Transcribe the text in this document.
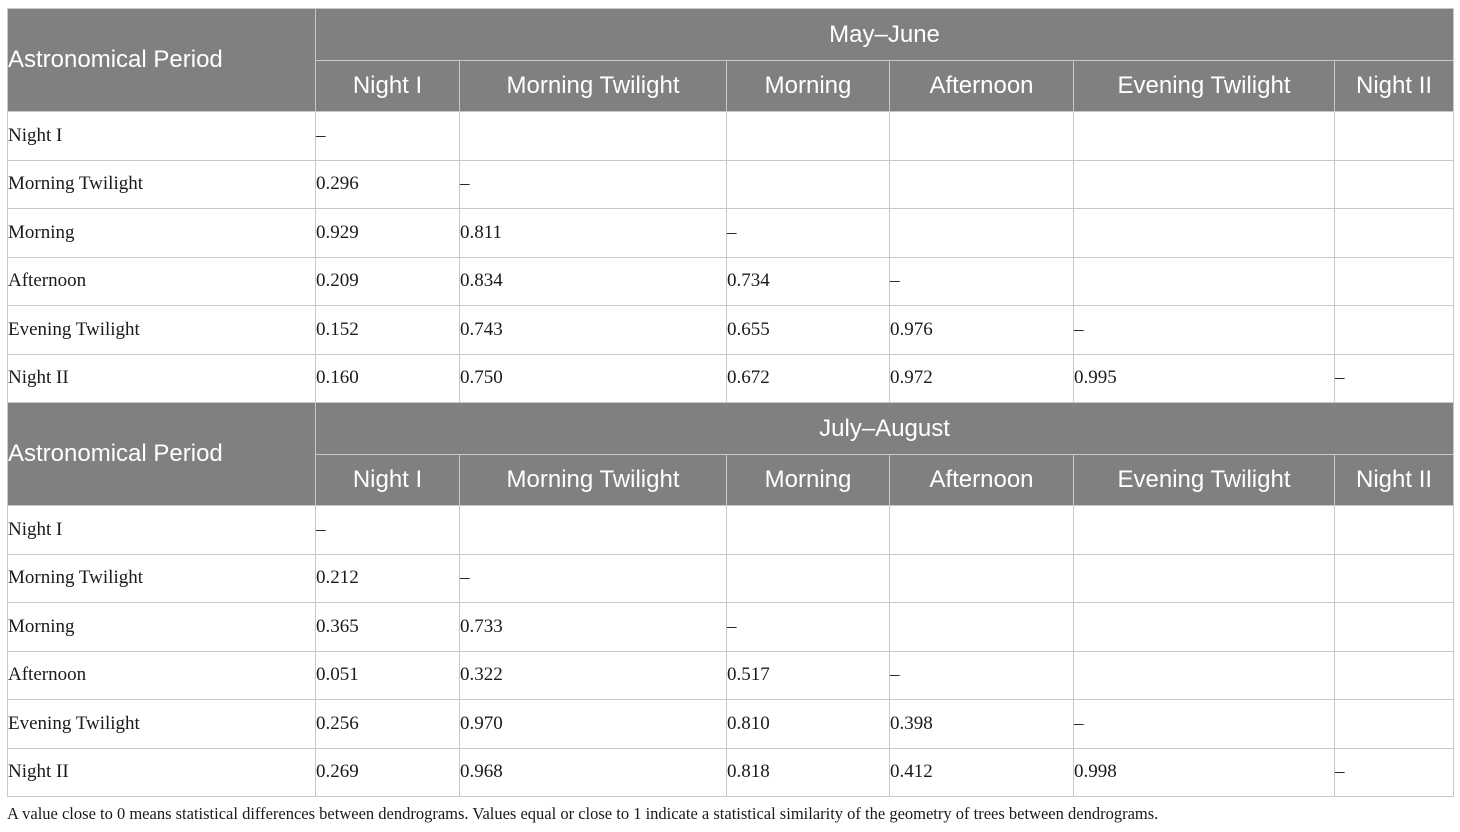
Astronomical Period	May–June					
	Night I	Morning Twilight	Morning	Afternoon	Evening Twilight	Night II
Night I	–					
Morning Twilight	0.296	–				
Morning	0.929	0.811	–			
Afternoon	0.209	0.834	0.734	–		
Evening Twilight	0.152	0.743	0.655	0.976	–	
Night II	0.160	0.750	0.672	0.972	0.995	–
Astronomical Period	July–August					
	Night I	Morning Twilight	Morning	Afternoon	Evening Twilight	Night II
Night I	–					
Morning Twilight	0.212	–				
Morning	0.365	0.733	–			
Afternoon	0.051	0.322	0.517	–		
Evening Twilight	0.256	0.970	0.810	0.398	–	
Night II	0.269	0.968	0.818	0.412	0.998	–
A value close to 0 means statistical differences between dendrograms. Values equal or close to 1 indicate a statistical similarity of the geometry of trees between dendrograms.
